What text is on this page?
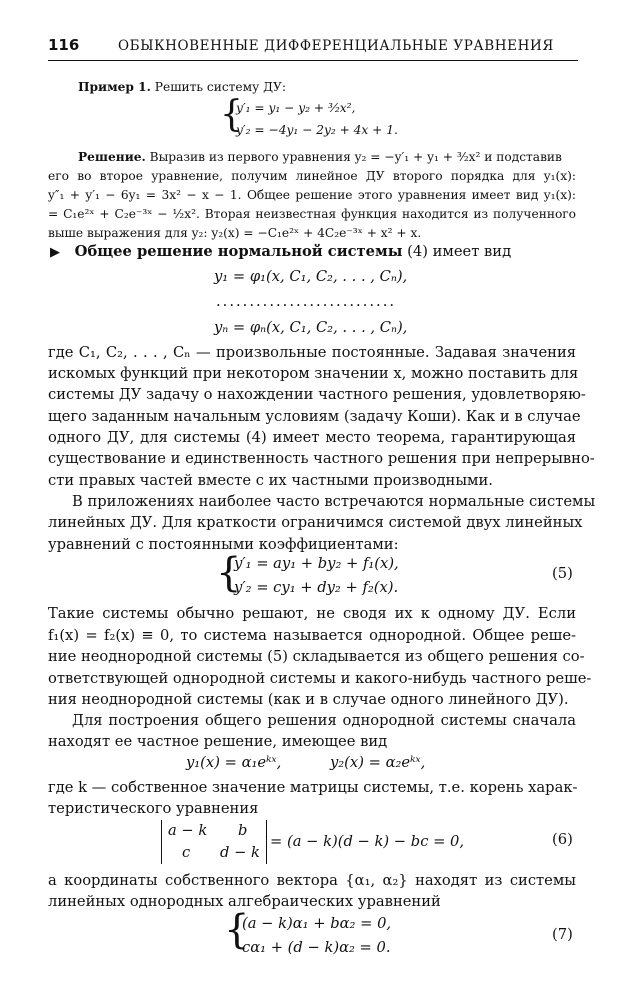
116	ОБЫКНОВЕННЫЕ ДИФФЕРЕНЦИАЛЬНЫЕ УРАВНЕНИЯ
Пример 1. Решить систему ДУ:
{
y′₁ = y₁ − y₂ + ³⁄₂x²,
y′₂ = −4y₁ − 2y₂ + 4x + 1.
Решение. Выразив из первого уравнения y₂ = −y′₁ + y₁ + ³⁄₂x² и подставив
его во второе уравнение, получим линейное ДУ второго порядка для y₁(x):
y″₁ + y′₁ − 6y₁ = 3x² − x − 1. Общее решение этого уравнения имеет вид y₁(x):
= C₁e²ˣ + C₂e⁻³ˣ − ½x². Вторая неизвестная функция находится из полученного
выше выражения для y₂: y₂(x) = −C₁e²ˣ + 4C₂e⁻³ˣ + x² + x.
▶ Общее решение нормальной системы (4) имеет вид
y₁ = φ₁(x, C₁, C₂, . . . , Cₙ),
...........................
yₙ = φₙ(x, C₁, C₂, . . . , Cₙ),
где C₁, C₂, . . . , Cₙ — произвольные постоянные. Задавая значения
искомых функций при некотором значении x, можно поставить для
системы ДУ задачу о нахождении частного решения, удовлетворяю-
щего заданным начальным условиям (задачу Коши). Как и в случае
одного ДУ, для системы (4) имеет место теорема, гарантирующая
существование и единственность частного решения при непрерывно-
сти правых частей вместе с их частными производными.
В приложениях наиболее часто встречаются нормальные системы
линейных ДУ. Для краткости ограничимся системой двух линейных
уравнений с постоянными коэффициентами:
{
y′₁ = ay₁ + by₂ + f₁(x),
y′₂ = cy₁ + dy₂ + f₂(x).
(5)
Такие системы обычно решают, не сводя их к одному ДУ. Если
f₁(x) = f₂(x) ≡ 0, то система называется однородной. Общее реше-
ние неоднородной системы (5) складывается из общего решения со-
ответствующей однородной системы и какого-нибудь частного реше-
ния неоднородной системы (как и в случае одного линейного ДУ).
Для построения общего решения однородной системы сначала
находят ее частное решение, имеющее вид
y₁(x) = α₁eᵏˣ,	y₂(x) = α₂eᵏˣ,
где k — собственное значение матрицы системы, т.е. корень харак-
теристического уравнения
a − k b
c d − k
= (a − k)(d − k) − bc = 0,	(6)
а координаты собственного вектора {α₁, α₂} находят из системы
линейных однородных алгебраических уравнений
{
(a − k)α₁ + bα₂ = 0,
cα₁ + (d − k)α₂ = 0.
(7)
